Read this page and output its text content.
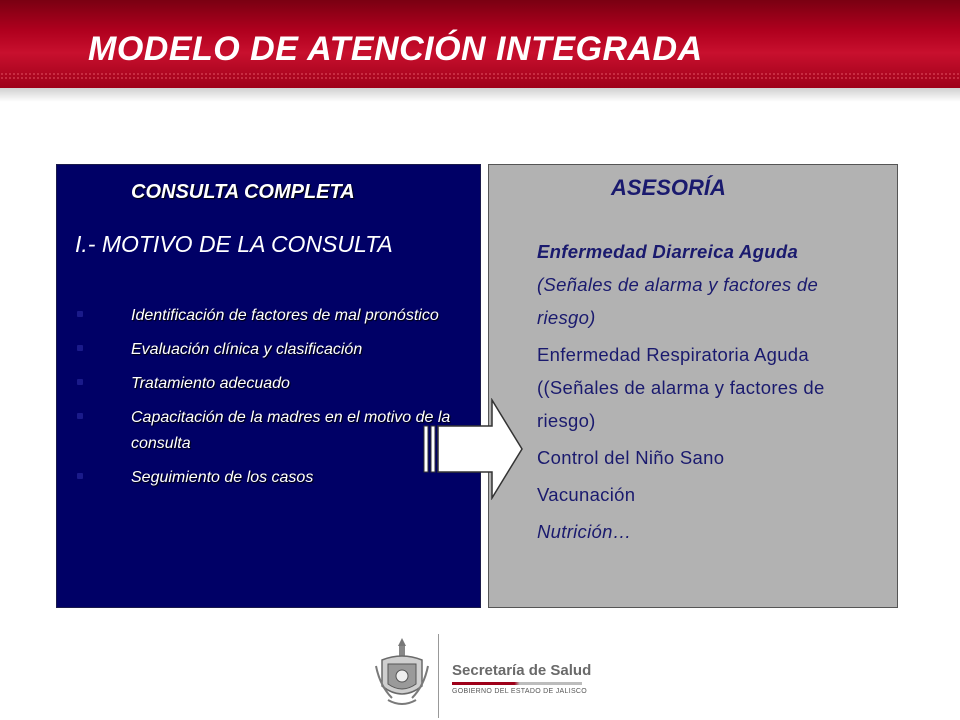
MODELO DE ATENCIÓN INTEGRADA
CONSULTA COMPLETA
I.- MOTIVO DE LA CONSULTA
Identificación de factores de mal pronóstico
Evaluación clínica y clasificación
Tratamiento adecuado
Capacitación de la madres en el motivo de la consulta
Seguimiento de los casos
ASESORÍA
Enfermedad Diarreica Aguda
(Señales de alarma y factores de riesgo)
Enfermedad Respiratoria Aguda ((Señales de alarma y factores de riesgo)
Control del Niño Sano
Vacunación
Nutrición…

Secretaría de Salud

GOBIERNO DEL ESTADO DE JALISCO
